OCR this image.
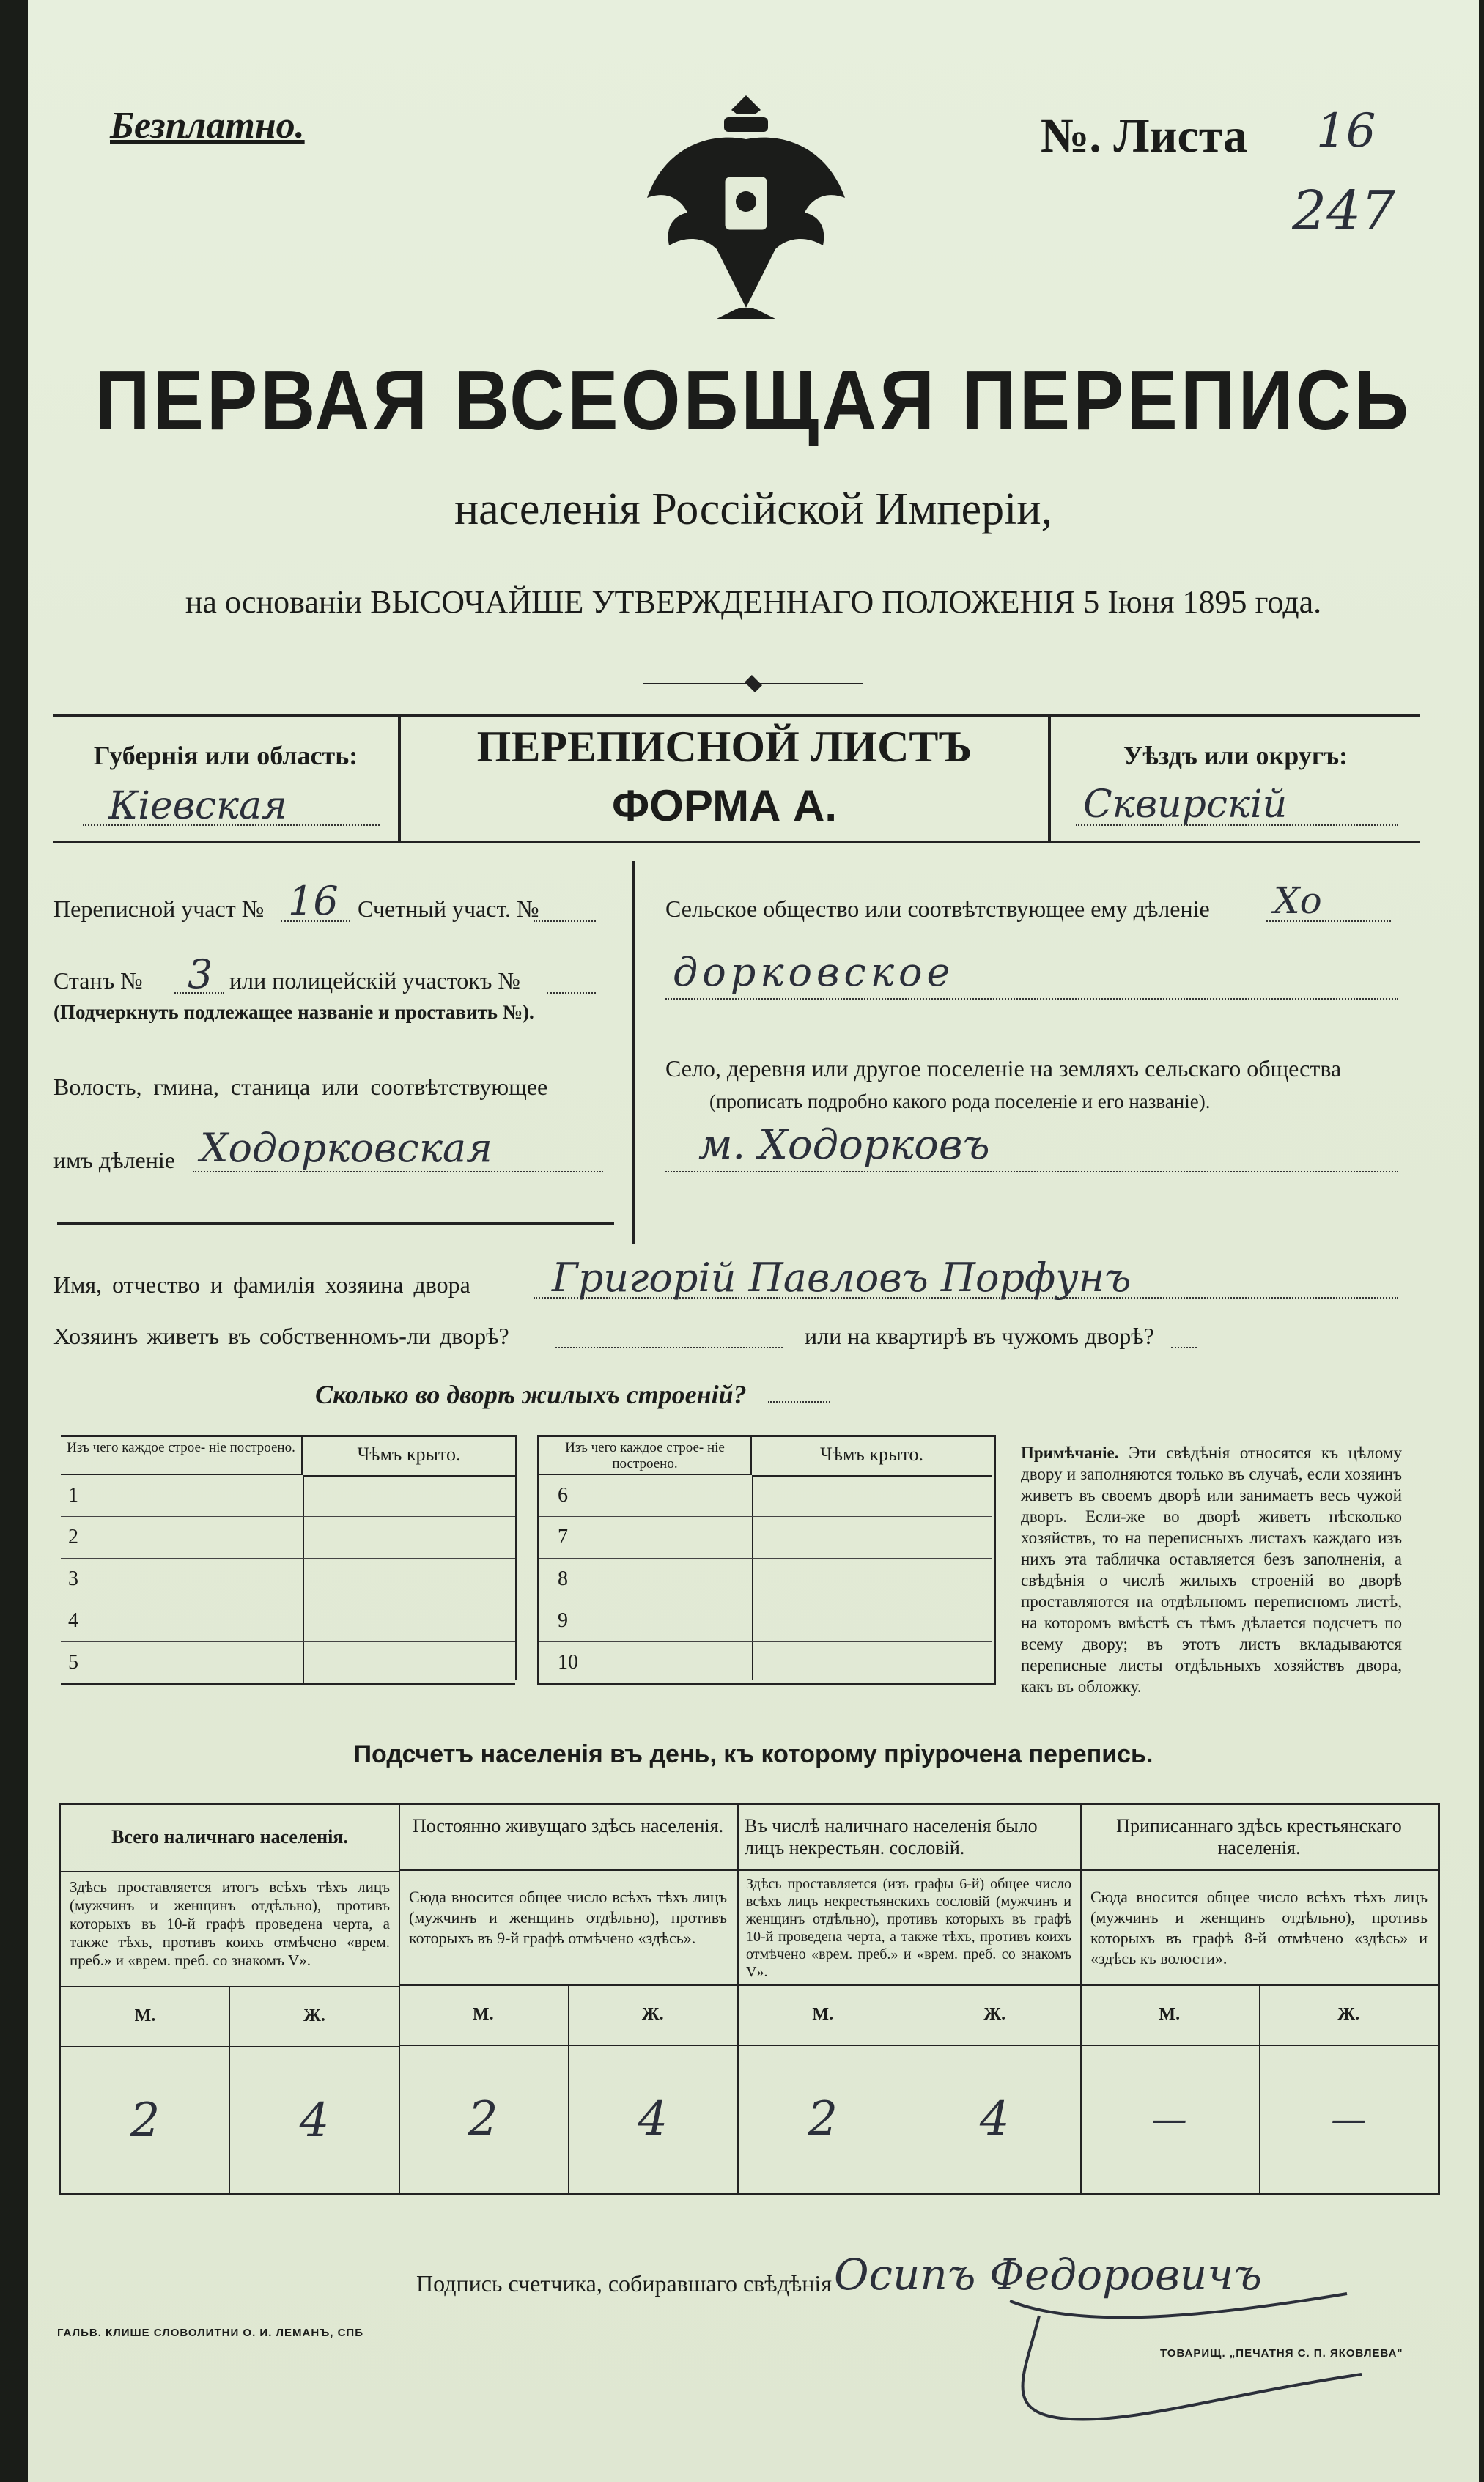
Безплатно.	№. Листа 16
247
ПЕРВАЯ ВСЕОБЩАЯ ПЕРЕПИСЬ
населенія Россійской Имперіи,
на основаніи ВЫСОЧАЙШЕ УТВЕРЖДЕННАГО ПОЛОЖЕНІЯ 5 Іюня 1895 года.
Губернія или область:
Кіевская
ПЕРЕПИСНОЙ ЛИСТЪ
ФОРМА А.
Уѣздъ или округъ:
Сквирскій
Переписной участ № 16 Счетный участ. №
Станъ № 3 или полицейскій участокъ №
(Подчеркнуть подлежащее названіе и проставить №).
Волость, гмина, станица или соотвѣтствующее
имъ дѣленіе Ходорковская
Сельское общество или соотвѣтствующее ему дѣленіе Хо
дорковское
Село, деревня или другое поселеніе на земляхъ сельскаго общества
(прописать подробно какого рода поселеніе и его названіе).
м. Ходорковъ
Имя, отчество и фамилія хозяина двора Григорій Павловъ Порфунъ
Хозяинъ живетъ въ собственномъ-ли дворѣ?	или на квартирѣ въ чужомъ дворѣ?
Сколько во дворѣ жилыхъ строеній?
Изъ чего каждое строе- ніе построено.	Чѣмъ крыто.
1
2
3
4
5
Изъ чего каждое строе- ніе построено.	Чѣмъ крыто.
6
7
8
9
10
Примѣчаніе. Эти свѣдѣнія относятся къ цѣлому двору и заполняются только въ случаѣ, если хозяинъ живетъ въ своемъ дворѣ или занимаетъ весь чужой дворъ. Если-же во дворѣ живетъ нѣсколько хозяйствъ, то на переписныхъ листахъ каждаго изъ нихъ эта табличка оставляется безъ заполненія, а свѣдѣнія о числѣ жилыхъ строеній во дворѣ проставляются на отдѣльномъ переписномъ листѣ, на которомъ вмѣстѣ съ тѣмъ дѣлается подсчетъ по всему двору; въ этотъ листъ вкладываются переписные листы отдѣльныхъ хозяйствъ двора, какъ въ обложку.
Подсчетъ населенія въ день, къ которому пріурочена перепись.
Всего наличнаго населенія.
Здѣсь проставляется итогъ всѣхъ тѣхъ лицъ (мужчинъ и женщинъ отдѣльно), противъ которыхъ въ 10-й графѣ проведена черта, а также тѣхъ, противъ коихъ отмѣчено «врем. преб.» и «врем. преб. со знакомъ V».
М.	Ж.
2	4
Постоянно живущаго здѣсь населенія.
Сюда вносится общее число всѣхъ тѣхъ лицъ (мужчинъ и женщинъ отдѣльно), противъ которыхъ въ 9-й графѣ отмѣчено «здѣсь».
М.	Ж.
2	4
Въ числѣ наличнаго населенія было лицъ некрестьян. сословій.
Здѣсь проставляется (изъ графы 6-й) общее число всѣхъ лицъ некрестьянскихъ сословій (мужчинъ и женщинъ отдѣльно), противъ которыхъ въ графѣ 10-й проведена черта, а также тѣхъ, противъ коихъ отмѣчено «врем. преб.» и «врем. преб. со знакомъ V».
М.	Ж.
2	4
Приписаннаго здѣсь крестьянскаго населенія.
Сюда вносится общее число всѣхъ тѣхъ лицъ (мужчинъ и женщинъ отдѣльно), противъ которыхъ въ графѣ 8-й отмѣчено «здѣсь» и «здѣсь къ волости».
М.	Ж.
—	—
Подпись счетчика, собиравшаго свѣдѣнія Осипъ Федоровичъ
ГАЛЬВ. КЛИШЕ СЛОВОЛИТНИ О. И. ЛЕМАНЪ, СПБ
ТОВАРИЩ. „ПЕЧАТНЯ С. П. ЯКОВЛЕВА"
